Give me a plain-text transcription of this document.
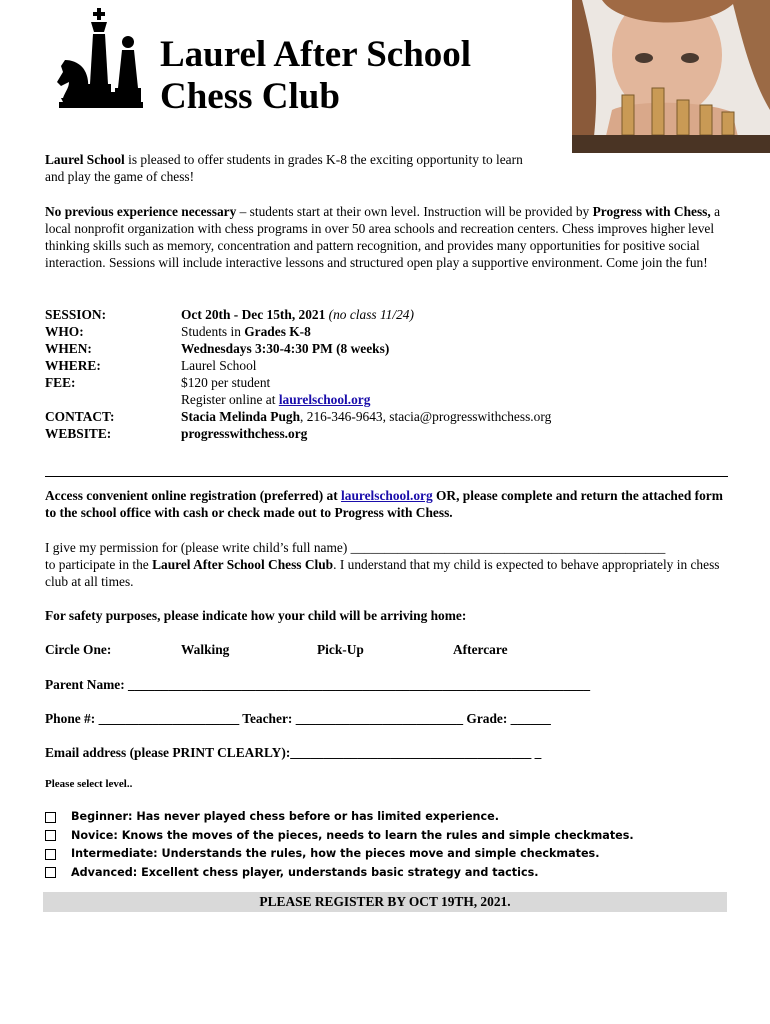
Laurel After School
Chess Club
Laurel School is pleased to offer students in grades K-8 the exciting opportunity to learn and play the game of chess!
No previous experience necessary – students start at their own level. Instruction will be provided by Progress with Chess, a local nonprofit organization with chess programs in over 50 area schools and recreation centers. Chess improves higher level thinking skills such as memory, concentration and pattern recognition, and provides many opportunities for positive social interaction. Sessions will include interactive lessons and structured open play a supportive environment. Come join the fun!
SESSION:	Oct 20th - Dec 15th, 2021 (no class 11/24)
WHO:	Students in Grades K-8
WHEN:	Wednesdays 3:30-4:30 PM (8 weeks)
WHERE:	Laurel School
FEE:	$120 per student
Register online at laurelschool.org
CONTACT:	Stacia Melinda Pugh, 216-346-9643, stacia@progresswithchess.org
WEBSITE:	progresswithchess.org
Access convenient online registration (preferred) at laurelschool.org OR, please complete and return the attached form to the school office with cash or check made out to Progress with Chess.
I give my permission for (please write child’s full name) _______________________________________________
to participate in the Laurel After School Chess Club. I understand that my child is expected to behave appropriately in chess club at all times.
For safety purposes, please indicate how your child will be arriving home:
Circle One:	Walking	Pick-Up	Aftercare
Parent Name: _____________________________________________________________________
Phone #: _____________________ Teacher: _________________________ Grade: ______
Email address (please PRINT CLEARLY):____________________________________ _
Please select level..
Beginner: Has never played chess before or has limited experience.
Novice: Knows the moves of the pieces, needs to learn the rules and simple checkmates.
Intermediate: Understands the rules, how the pieces move and simple checkmates.
Advanced: Excellent chess player, understands basic strategy and tactics.
PLEASE REGISTER BY OCT 19TH, 2021.
